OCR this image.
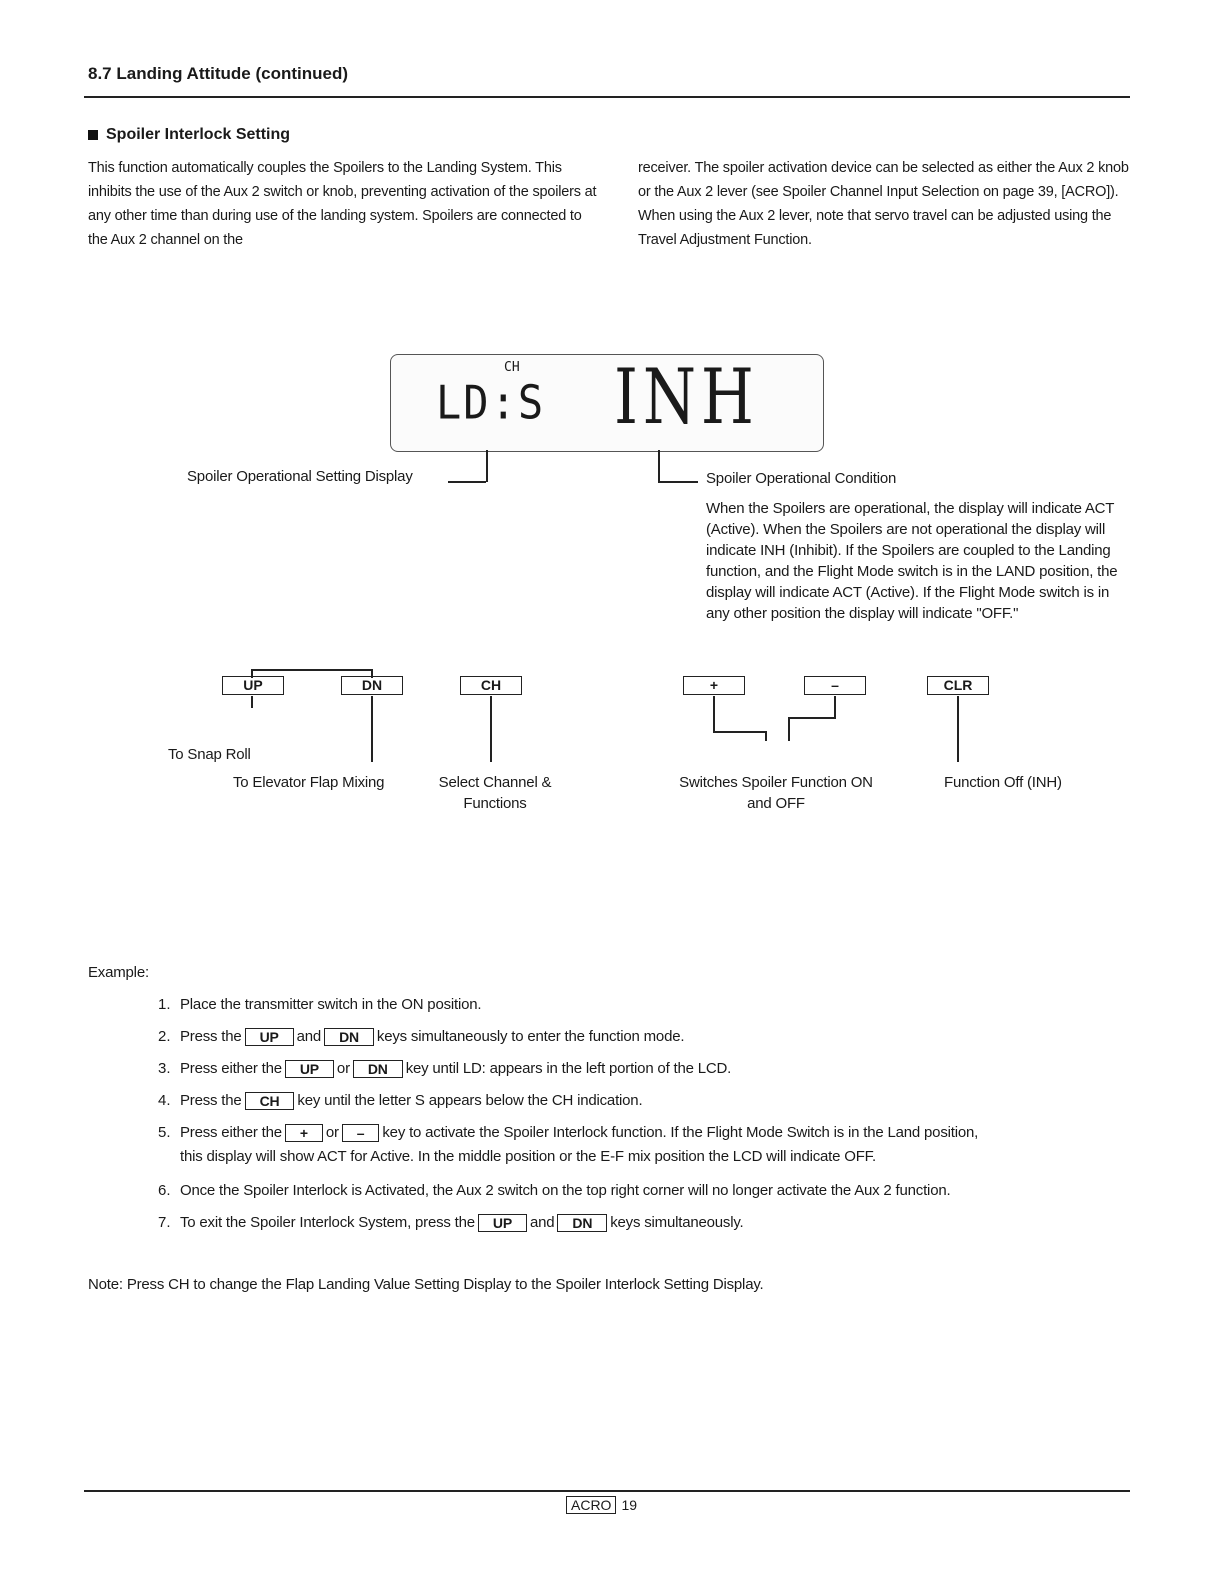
8.7 Landing Attitude (continued)
Spoiler Interlock Setting
This function automatically couples the Spoilers to the Landing System. This inhibits the use of the Aux 2 switch or knob, preventing activation of the spoilers at any other time than during use of the landing system. Spoilers are connected to the Aux 2 channel on the
receiver. The spoiler activation device can be selected as either the Aux 2 knob or the Aux 2 lever (see Spoiler Channel Input Selection on page 39, [ACRO]). When using the Aux 2 lever, note that servo travel can be adjusted using the Travel Adjustment Function.
CH
LD:S INH
Spoiler Operational Setting Display	Spoiler Operational Condition
When the Spoilers are operational, the display will indicate ACT (Active). When the Spoilers are not operational the display will indicate INH (Inhibit). If the Spoilers are coupled to the Landing function, and the Flight Mode switch is in the LAND position, the display will indicate ACT (Active). If the Flight Mode switch is in any other position the display will indicate "OFF."
UP	DN	CH
To Snap Roll
To Elevator Flap Mixing	Select Channel & Functions
+	–	CLR
Switches Spoiler Function ON and OFF
Function Off (INH)
Example:
1. Place the transmitter switch in the ON position.
2. Press the UP and DN keys simultaneously to enter the function mode.
3. Press either the UP or DN key until LD: appears in the left portion of the LCD.
4. Press the CH key until the letter S appears below the CH indication.
5. Press either the + or – key to activate the Spoiler Interlock function. If the Flight Mode Switch is in the Land position,
this display will show ACT for Active. In the middle position or the E-F mix position the LCD will indicate OFF.
6. Once the Spoiler Interlock is Activated, the Aux 2 switch on the top right corner will no longer activate the Aux 2 function.
7. To exit the Spoiler Interlock System, press the UP and DN keys simultaneously.
Note: Press CH to change the Flap Landing Value Setting Display to the Spoiler Interlock Setting Display.
ACRO 19
